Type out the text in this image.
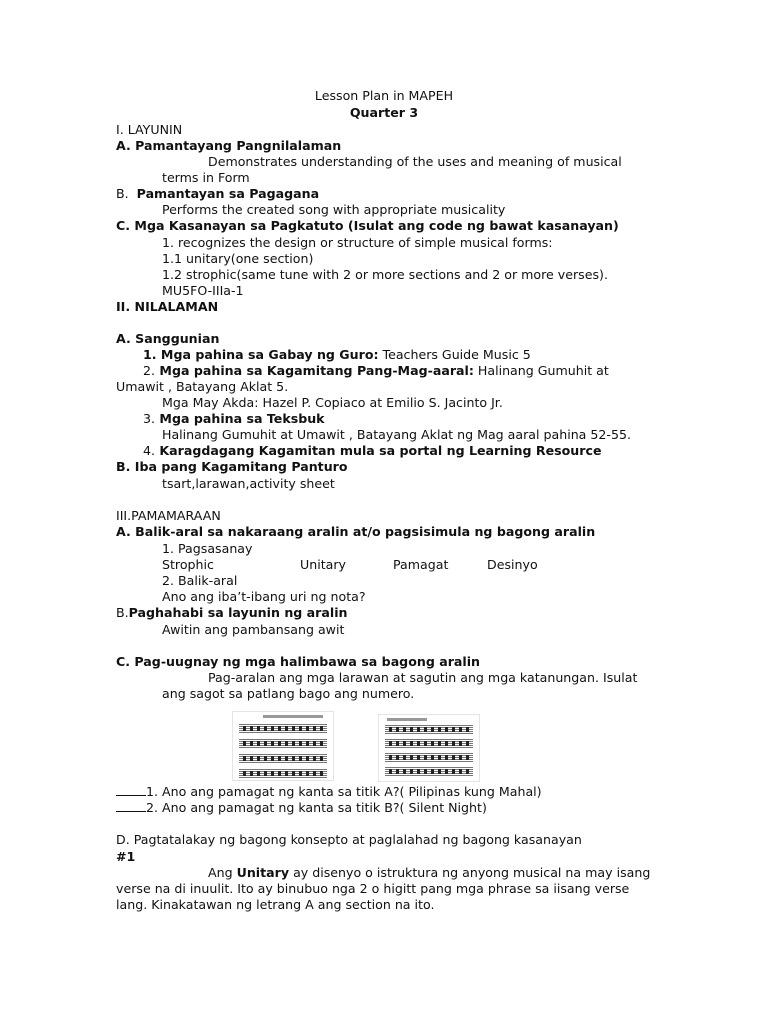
Lesson Plan in MAPEH
Quarter 3
I. LAYUNIN
A. Pamantayang Pangnilalaman
Demonstrates understanding of the uses and meaning of musical
terms in Form
B. Pamantayan sa Pagagana
Performs the created song with appropriate musicality
C. Mga Kasanayan sa Pagkatuto (Isulat ang code ng bawat kasanayan)
1. recognizes the design or structure of simple musical forms:
1.1 unitary(one section)
1.2 strophic(same tune with 2 or more sections and 2 or more verses).
MU5FO-IIIa-1
II. NILALAMAN
A. Sanggunian
1. Mga pahina sa Gabay ng Guro: Teachers Guide Music 5
2. Mga pahina sa Kagamitang Pang-Mag-aaral: Halinang Gumuhit at
Umawit , Batayang Aklat 5.
Mga May Akda: Hazel P. Copiaco at Emilio S. Jacinto Jr.
3. Mga pahina sa Teksbuk
Halinang Gumuhit at Umawit , Batayang Aklat ng Mag aaral pahina 52-55.
4. Karagdagang Kagamitan mula sa portal ng Learning Resource
B. Iba pang Kagamitang Panturo
tsart,larawan,activity sheet
III.PAMAMARAAN
A. Balik-aral sa nakaraang aralin at/o pagsisimula ng bagong aralin
1. Pagsasanay
Strophic	Unitary	Pamagat	Desinyo
2. Balik-aral
Ano ang iba’t-ibang uri ng nota?
B.Paghahabi sa layunin ng aralin
Awitin ang pambansang awit
C. Pag-uugnay ng mga halimbawa sa bagong aralin
Pag-aralan ang mga larawan at sagutin ang mga katanungan. Isulat
ang sagot sa patlang bago ang numero.
1. Ano ang pamagat ng kanta sa titik A?( Pilipinas kung Mahal)
2. Ano ang pamagat ng kanta sa titik B?( Silent Night)
D. Pagtatalakay ng bagong konsepto at paglalahad ng bagong kasanayan
#1
Ang Unitary ay disenyo o istruktura ng anyong musical na may isang
verse na di inuulit. Ito ay binubuo nga 2 o higitt pang mga phrase sa iisang verse
lang. Kinakatawan ng letrang A ang section na ito.
